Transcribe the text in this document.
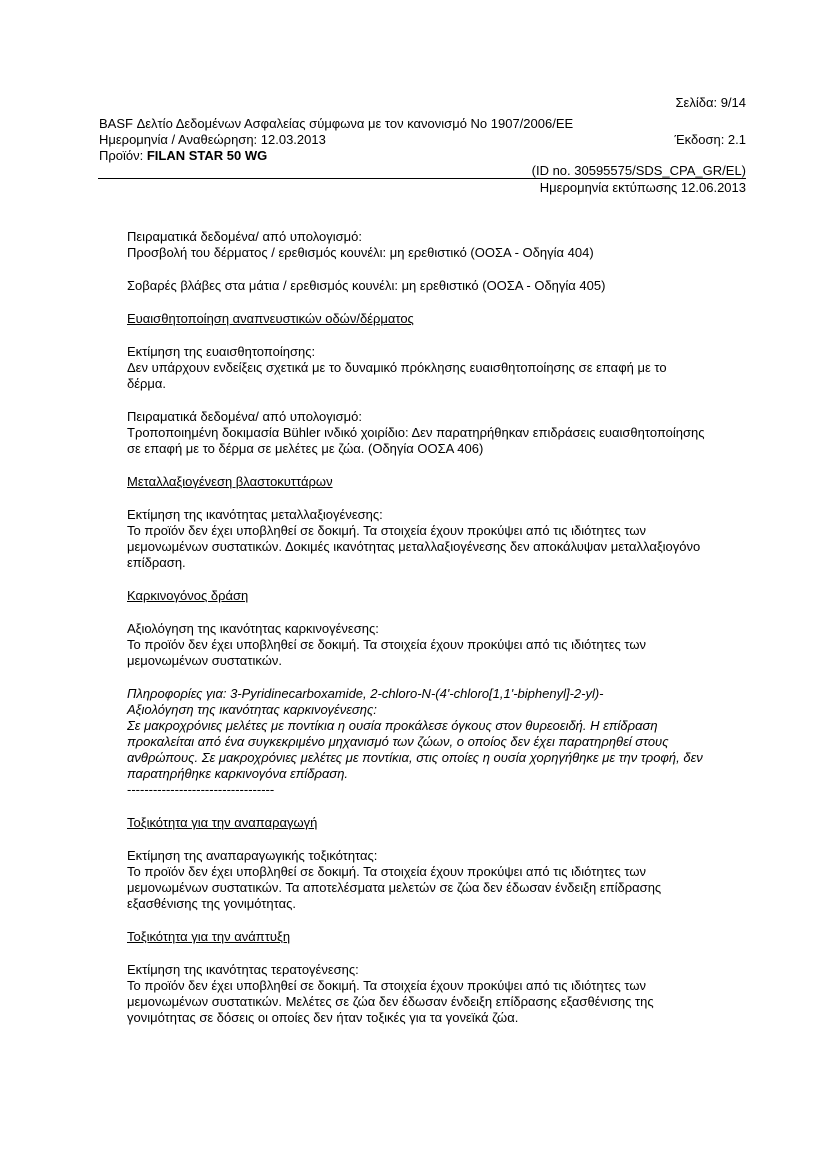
Σελίδα: 9/14
BASF Δελτίο Δεδομένων Ασφαλείας σύμφωνα με τον κανονισμό Νο 1907/2006/ΕΕ
Ημερομηνία / Αναθεώρηση: 12.03.2013	Έκδοση: 2.1
Προϊόν: FILAN STAR 50 WG
(ID no. 30595575/SDS_CPA_GR/EL)
Ημερομηνία εκτύπωσης 12.06.2013
Πειραματικά δεδομένα/ από υπολογισμό:
Προσβολή του δέρματος / ερεθισμός κουνέλι: μη ερεθιστικό (ΟΟΣΑ - Οδηγία 404)
Σοβαρές βλάβες στα μάτια / ερεθισμός κουνέλι: μη ερεθιστικό (ΟΟΣΑ - Οδηγία 405)
Ευαισθητοποίηση αναπνευστικών οδών/δέρματος
Εκτίμηση της ευαισθητοποίησης:
Δεν υπάρχουν ενδείξεις σχετικά με το δυναμικό πρόκλησης ευαισθητοποίησης σε επαφή με το
δέρμα.
Πειραματικά δεδομένα/ από υπολογισμό:
Τροποποιημένη δοκιμασία Bühler ινδικό χοιρίδιο: Δεν παρατηρήθηκαν επιδράσεις ευαισθητοποίησης
σε επαφή με το δέρμα σε μελέτες με ζώα. (Οδηγία ΟΟΣΑ 406)
Μεταλλαξιογένεση βλαστοκυττάρων
Εκτίμηση της ικανότητας μεταλλαξιογένεσης:
Το προϊόν δεν έχει υποβληθεί σε δοκιμή. Τα στοιχεία έχουν προκύψει από τις ιδιότητες των
μεμονωμένων συστατικών. Δοκιμές ικανότητας μεταλλαξιογένεσης δεν αποκάλυψαν μεταλλαξιογόνο
επίδραση.
Καρκινογόνος δράση
Αξιολόγηση της ικανότητας καρκινογένεσης:
Το προϊόν δεν έχει υποβληθεί σε δοκιμή. Τα στοιχεία έχουν προκύψει από τις ιδιότητες των
μεμονωμένων συστατικών.
Πληροφορίες για: 3-Pyridinecarboxamide, 2-chloro-N-(4'-chloro[1,1'-biphenyl]-2-yl)-
Αξιολόγηση της ικανότητας καρκινογένεσης:
Σε μακροχρόνιες μελέτες με ποντίκια η ουσία προκάλεσε όγκους στον θυρεοειδή. Η επίδραση
προκαλείται από ένα συγκεκριμένο μηχανισμό των ζώων, ο οποίος δεν έχει παρατηρηθεί στους
ανθρώπους. Σε μακροχρόνιες μελέτες με ποντίκια, στις οποίες η ουσία χορηγήθηκε με την τροφή, δεν
παρατηρήθηκε καρκινογόνα επίδραση.
----------------------------------
Τοξικότητα για την αναπαραγωγή
Εκτίμηση της αναπαραγωγικής τοξικότητας:
Το προϊόν δεν έχει υποβληθεί σε δοκιμή. Τα στοιχεία έχουν προκύψει από τις ιδιότητες των
μεμονωμένων συστατικών. Τα αποτελέσματα μελετών σε ζώα δεν έδωσαν ένδειξη επίδρασης
εξασθένισης της γονιμότητας.
Τοξικότητα για την ανάπτυξη
Εκτίμηση της ικανότητας τερατογένεσης:
Το προϊόν δεν έχει υποβληθεί σε δοκιμή. Τα στοιχεία έχουν προκύψει από τις ιδιότητες των
μεμονωμένων συστατικών. Μελέτες σε ζώα δεν έδωσαν ένδειξη επίδρασης εξασθένισης της
γονιμότητας σε δόσεις οι οποίες δεν ήταν τοξικές για τα γονεϊκά ζώα.
